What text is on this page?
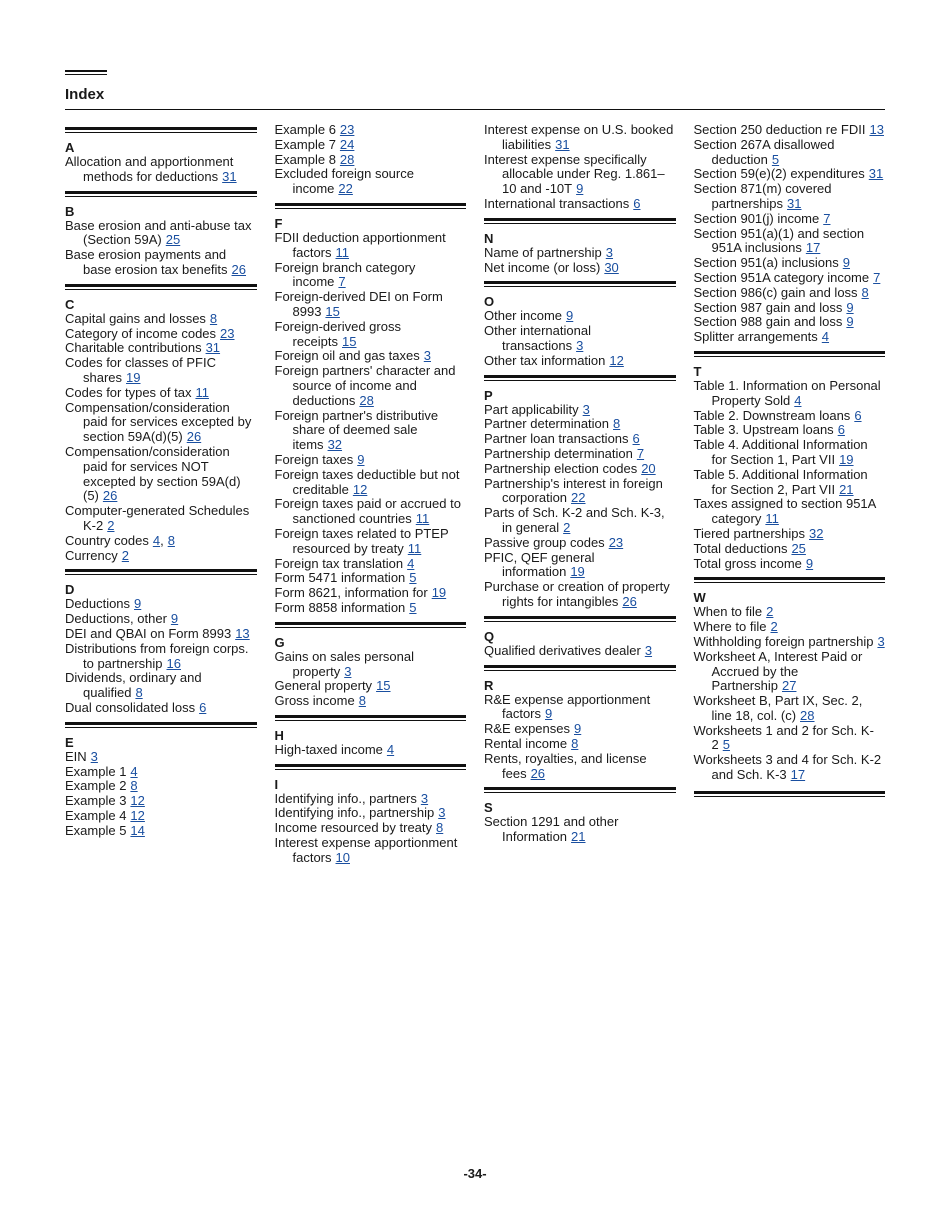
Index
A
Allocation and apportionment methods for deductions 31
B
Base erosion and anti-abuse tax (Section 59A) 25
Base erosion payments and base erosion tax benefits 26
C
Capital gains and losses 8
Category of income codes 23
Charitable contributions 31
Codes for classes of PFIC shares 19
Codes for types of tax 11
Compensation/consideration paid for services excepted by section 59A(d)(5) 26
Compensation/consideration paid for services NOT excepted by section 59A(d)(5) 26
Computer-generated Schedules K-2 2
Country codes 4, 8
Currency 2
D
Deductions 9
Deductions, other 9
DEI and QBAI on Form 8993 13
Distributions from foreign corps. to partnership 16
Dividends, ordinary and qualified 8
Dual consolidated loss 6
E
EIN 3
Example 1 4
Example 2 8
Example 3 12
Example 4 12
Example 5 14
Example 6 23
Example 7 24
Example 8 28
Excluded foreign source income 22
F
FDII deduction apportionment factors 11
Foreign branch category income 7
Foreign-derived DEI on Form 8993 15
Foreign-derived gross receipts 15
Foreign oil and gas taxes 3
Foreign partners' character and source of income and deductions 28
Foreign partner's distributive share of deemed sale items 32
Foreign taxes 9
Foreign taxes deductible but not creditable 12
Foreign taxes paid or accrued to sanctioned countries 11
Foreign taxes related to PTEP resourced by treaty 11
Foreign tax translation 4
Form 5471 information 5
Form 8621, information for 19
Form 8858 information 5
G
Gains on sales personal property 3
General property 15
Gross income 8
H
High-taxed income 4
I
Identifying info., partners 3
Identifying info., partnership 3
Income resourced by treaty 8
Interest expense apportionment factors 10
Interest expense on U.S. booked liabilities 31
Interest expense specifically allocable under Reg. 1.861–10 and -10T 9
International transactions 6
N
Name of partnership 3
Net income (or loss) 30
O
Other income 9
Other international transactions 3
Other tax information 12
P
Part applicability 3
Partner determination 8
Partner loan transactions 6
Partnership determination 7
Partnership election codes 20
Partnership's interest in foreign corporation 22
Parts of Sch. K-2 and Sch. K-3, in general 2
Passive group codes 23
PFIC, QEF general information 19
Purchase or creation of property rights for intangibles 26
Q
Qualified derivatives dealer 3
R
R&E expense apportionment factors 9
R&E expenses 9
Rental income 8
Rents, royalties, and license fees 26
S
Section 1291 and other Information 21
Section 250 deduction re FDII 13
Section 267A disallowed deduction 5
Section 59(e)(2) expenditures 31
Section 871(m) covered partnerships 31
Section 901(j) income 7
Section 951(a)(1) and section 951A inclusions 17
Section 951(a) inclusions 9
Section 951A category income 7
Section 986(c) gain and loss 8
Section 987 gain and loss 9
Section 988 gain and loss 9
Splitter arrangements 4
T
Table 1. Information on Personal Property Sold 4
Table 2. Downstream loans 6
Table 3. Upstream loans 6
Table 4. Additional Information for Section 1, Part VII 19
Table 5. Additional Information for Section 2, Part VII 21
Taxes assigned to section 951A category 11
Tiered partnerships 32
Total deductions 25
Total gross income 9
W
When to file 2
Where to file 2
Withholding foreign partnership 3
Worksheet A, Interest Paid or Accrued by the Partnership 27
Worksheet B, Part IX, Sec. 2, line 18, col. (c) 28
Worksheets 1 and 2 for Sch. K-2 5
Worksheets 3 and 4 for Sch. K-2 and Sch. K-3 17
-34-
